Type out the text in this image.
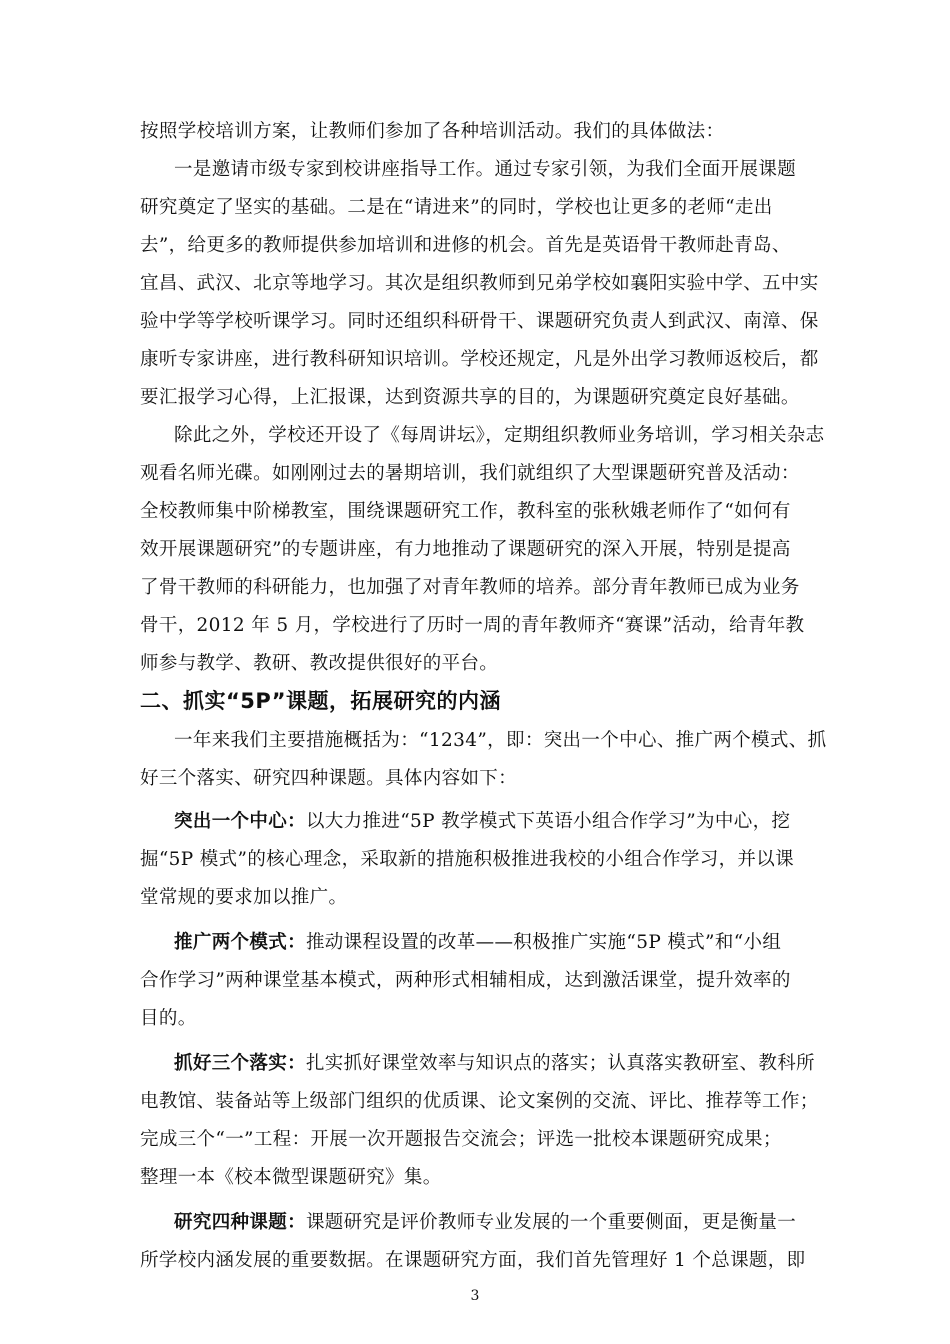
按照学校培训方案，让教师们参加了各种培训活动。我们的具体做法：
一是邀请市级专家到校讲座指导工作。通过专家引领，为我们全面开展课题
研究奠定了坚实的基础。二是在“请进来”的同时，学校也让更多的老师“走出
去”，给更多的教师提供参加培训和进修的机会。首先是英语骨干教师赴青岛、
宜昌、武汉、北京等地学习。其次是组织教师到兄弟学校如襄阳实验中学、五中实
验中学等学校听课学习。同时还组织科研骨干、课题研究负责人到武汉、南漳、保
康听专家讲座，进行教科研知识培训。学校还规定，凡是外出学习教师返校后，都
要汇报学习心得，上汇报课，达到资源共享的目的，为课题研究奠定良好基础。
除此之外，学校还开设了《每周讲坛》，定期组织教师业务培训，学习相关杂志
观看名师光碟。如刚刚过去的暑期培训，我们就组织了大型课题研究普及活动：
全校教师集中阶梯教室，围绕课题研究工作，教科室的张秋娥老师作了“如何有
效开展课题研究”的专题讲座，有力地推动了课题研究的深入开展，特别是提高
了骨干教师的科研能力，也加强了对青年教师的培养。部分青年教师已成为业务
骨干，2012 年 5 月，学校进行了历时一周的青年教师齐“赛课”活动，给青年教
师参与教学、教研、教改提供很好的平台。
二、抓实“5P”课题，拓展研究的内涵
一年来我们主要措施概括为：“1234”，即：突出一个中心、推广两个模式、抓
好三个落实、研究四种课题。具体内容如下：
突出一个中心：以大力推进“5P 教学模式下英语小组合作学习”为中心，挖
掘“5P 模式”的核心理念，采取新的措施积极推进我校的小组合作学习，并以课
堂常规的要求加以推广。
推广两个模式：推动课程设置的改革——积极推广实施“5P 模式”和“小组
合作学习”两种课堂基本模式，两种形式相辅相成，达到激活课堂，提升效率的
目的。
抓好三个落实：扎实抓好课堂效率与知识点的落实；认真落实教研室、教科所
电教馆、装备站等上级部门组织的优质课、论文案例的交流、评比、推荐等工作；
完成三个“一”工程：开展一次开题报告交流会；评选一批校本课题研究成果；
整理一本《校本微型课题研究》集。
研究四种课题：课题研究是评价教师专业发展的一个重要侧面，更是衡量一
所学校内涵发展的重要数据。在课题研究方面，我们首先管理好 1 个总课题，即
3
